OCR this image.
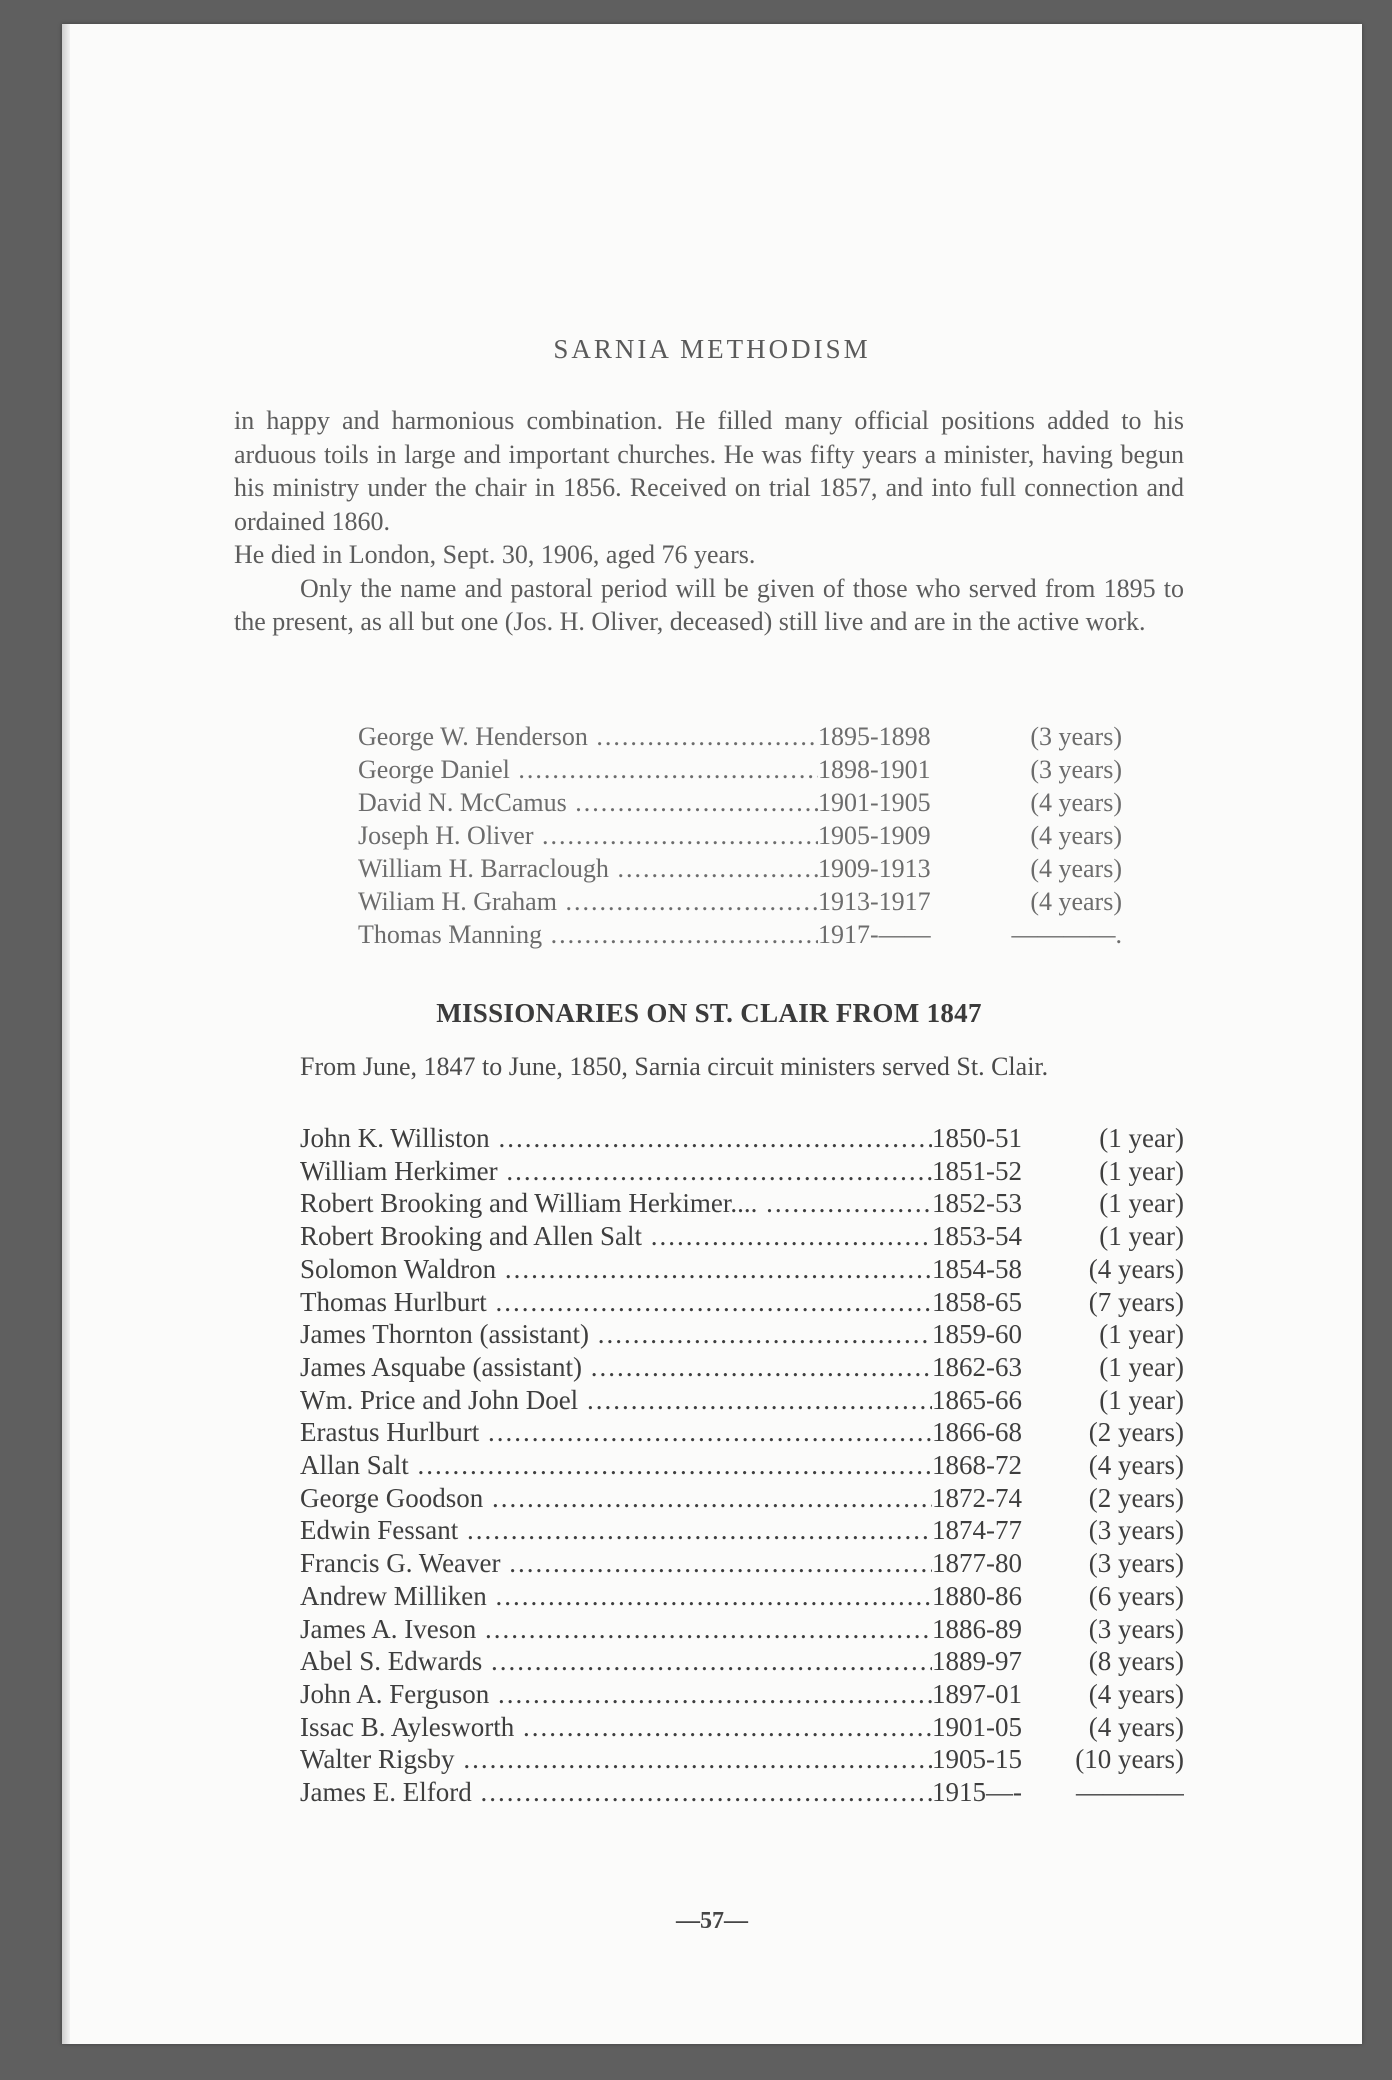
SARNIA METHODISM

in happy and harmonious combination. He filled many official positions added to his arduous toils in large and important churches. He was fifty years a minister, having begun his ministry under the chair in 1856. Received on trial 1857, and into full connection and ordained 1860.

He died in London, Sept. 30, 1906, aged 76 years.

Only the name and pastoral period will be given of those who served from 1895 to the present, as all but one (Jos. H. Oliver, deceased) still live and are in the active work.

George W. Henderson .....	1895-1898	(3 years)
George Daniel .....	1898-1901	(3 years)
David N. McCamus .....	1901-1905	(4 years)
Joseph H. Oliver .....	1905-1909	(4 years)
William H. Barraclough .....	1909-1913	(4 years)
Wiliam H. Graham .....	1913-1917	(4 years)
Thomas Manning .....	1917-——	————.
MISSIONARIES ON ST. CLAIR FROM 1847

From June, 1847 to June, 1850, Sarnia circuit ministers served St. Clair.

John K. Williston .....	1850-51	(1 year)
William Herkimer .....	1851-52	(1 year)
Robert Brooking and William Herkimer.... .....	1852-53	(1 year)
Robert Brooking and Allen Salt .....	1853-54	(1 year)
Solomon Waldron .....	1854-58	(4 years)
Thomas Hurlburt .....	1858-65	(7 years)
James Thornton (assistant) .....	1859-60	(1 year)
James Asquabe (assistant) .....	1862-63	(1 year)
Wm. Price and John Doel .....	1865-66	(1 year)
Erastus Hurlburt .....	1866-68	(2 years)
Allan Salt .....	1868-72	(4 years)
George Goodson .....	1872-74	(2 years)
Edwin Fessant .....	1874-77	(3 years)
Francis G. Weaver .....	1877-80	(3 years)
Andrew Milliken .....	1880-86	(6 years)
James A. Iveson .....	1886-89	(3 years)
Abel S. Edwards .....	1889-97	(8 years)
John A. Ferguson .....	1897-01	(4 years)
Issac B. Aylesworth .....	1901-05	(4 years)
Walter Rigsby .....	1905-15	(10 years)
James E. Elford .....	1915—-	————
—57—
